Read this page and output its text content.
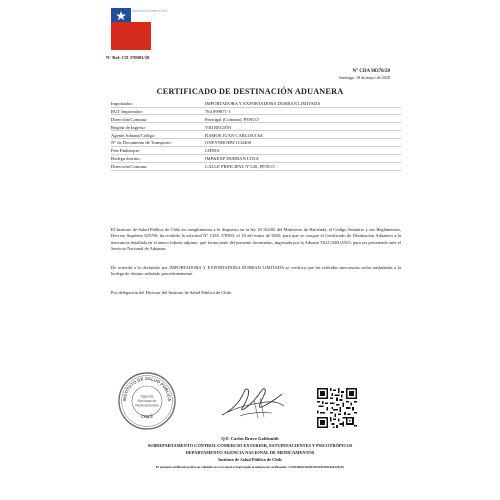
Ministerio de Salud Pública de Chile
N° Ref: CD 370903/20
N° CDA 98370/20
Santiago, 18 de mayo de 2020
CERTIFICADO DE DESTINACIÓN ADUANERA
Importador:	IMPORTADORA Y EXPORTADORA DURBAN LIMITADA
RUT Importador:	764.999071-3
Dirección/Comuna:	Principal (Comuna), PENCO
Región de Ingreso:	VIII REGIÓN
Agente Aduana/Código:	RAMOS JUAN CARLOS/C64
N° de Documento de Transporte:	ONEYNBOHW1132400
País Embarque:	CHINA
Bodega destino:	IMP&EXP DURBAN LTDA
Dirección/Comuna:	CALLE PRINCIPAL N°230, PENCO
El Instituto de Salud Pública de Chile en cumplimiento a lo dispuesto en la ley 18.164/82 del Ministerio de Hacienda, el Código Sanitario y sus Reglamentos, Decreto Supremo 825/98; ha recibido la solicitud N° CDA 370903, el 18 del mayo de 2020, para que se otorgue el Certificado de Destinación Aduanera a la mercancía detallada en el anexo foliado adjunto, que forma parte del presente documento, ingresada por la Aduana TALCAHUANO, para ser presentado ante el Servicio Nacional de Aduanas.
De acuerdo a lo declarado por IMPORTADORA Y EXPORTADORA DURBAN LIMITADA se certifica que las referidas mercancías serán trasladadas a la bodega de destino señalado precedentemente.
Por delegación del Director del Instituto de Salud Pública de Chile.
INSTITUTO DE SALUD PÚBLICA
CHILE
Agencia
Nacional de
Medicamentos
Q.F. Carlos Bravo Goldsmith
SUBDEPARTAMENTO CONTROL COMERCIO EXTERIOR, ESTUPEFACIENTES Y PSICOTRÓPICOS
DEPARTAMENTO AGENCIA NACIONAL DE MEDICAMENTOS
Instituto de Salud Pública de Chile
El presente certificado podrá ser validado en www.ispch.cl ingresando el número de verificación: 17381406023393014842593041004220149
